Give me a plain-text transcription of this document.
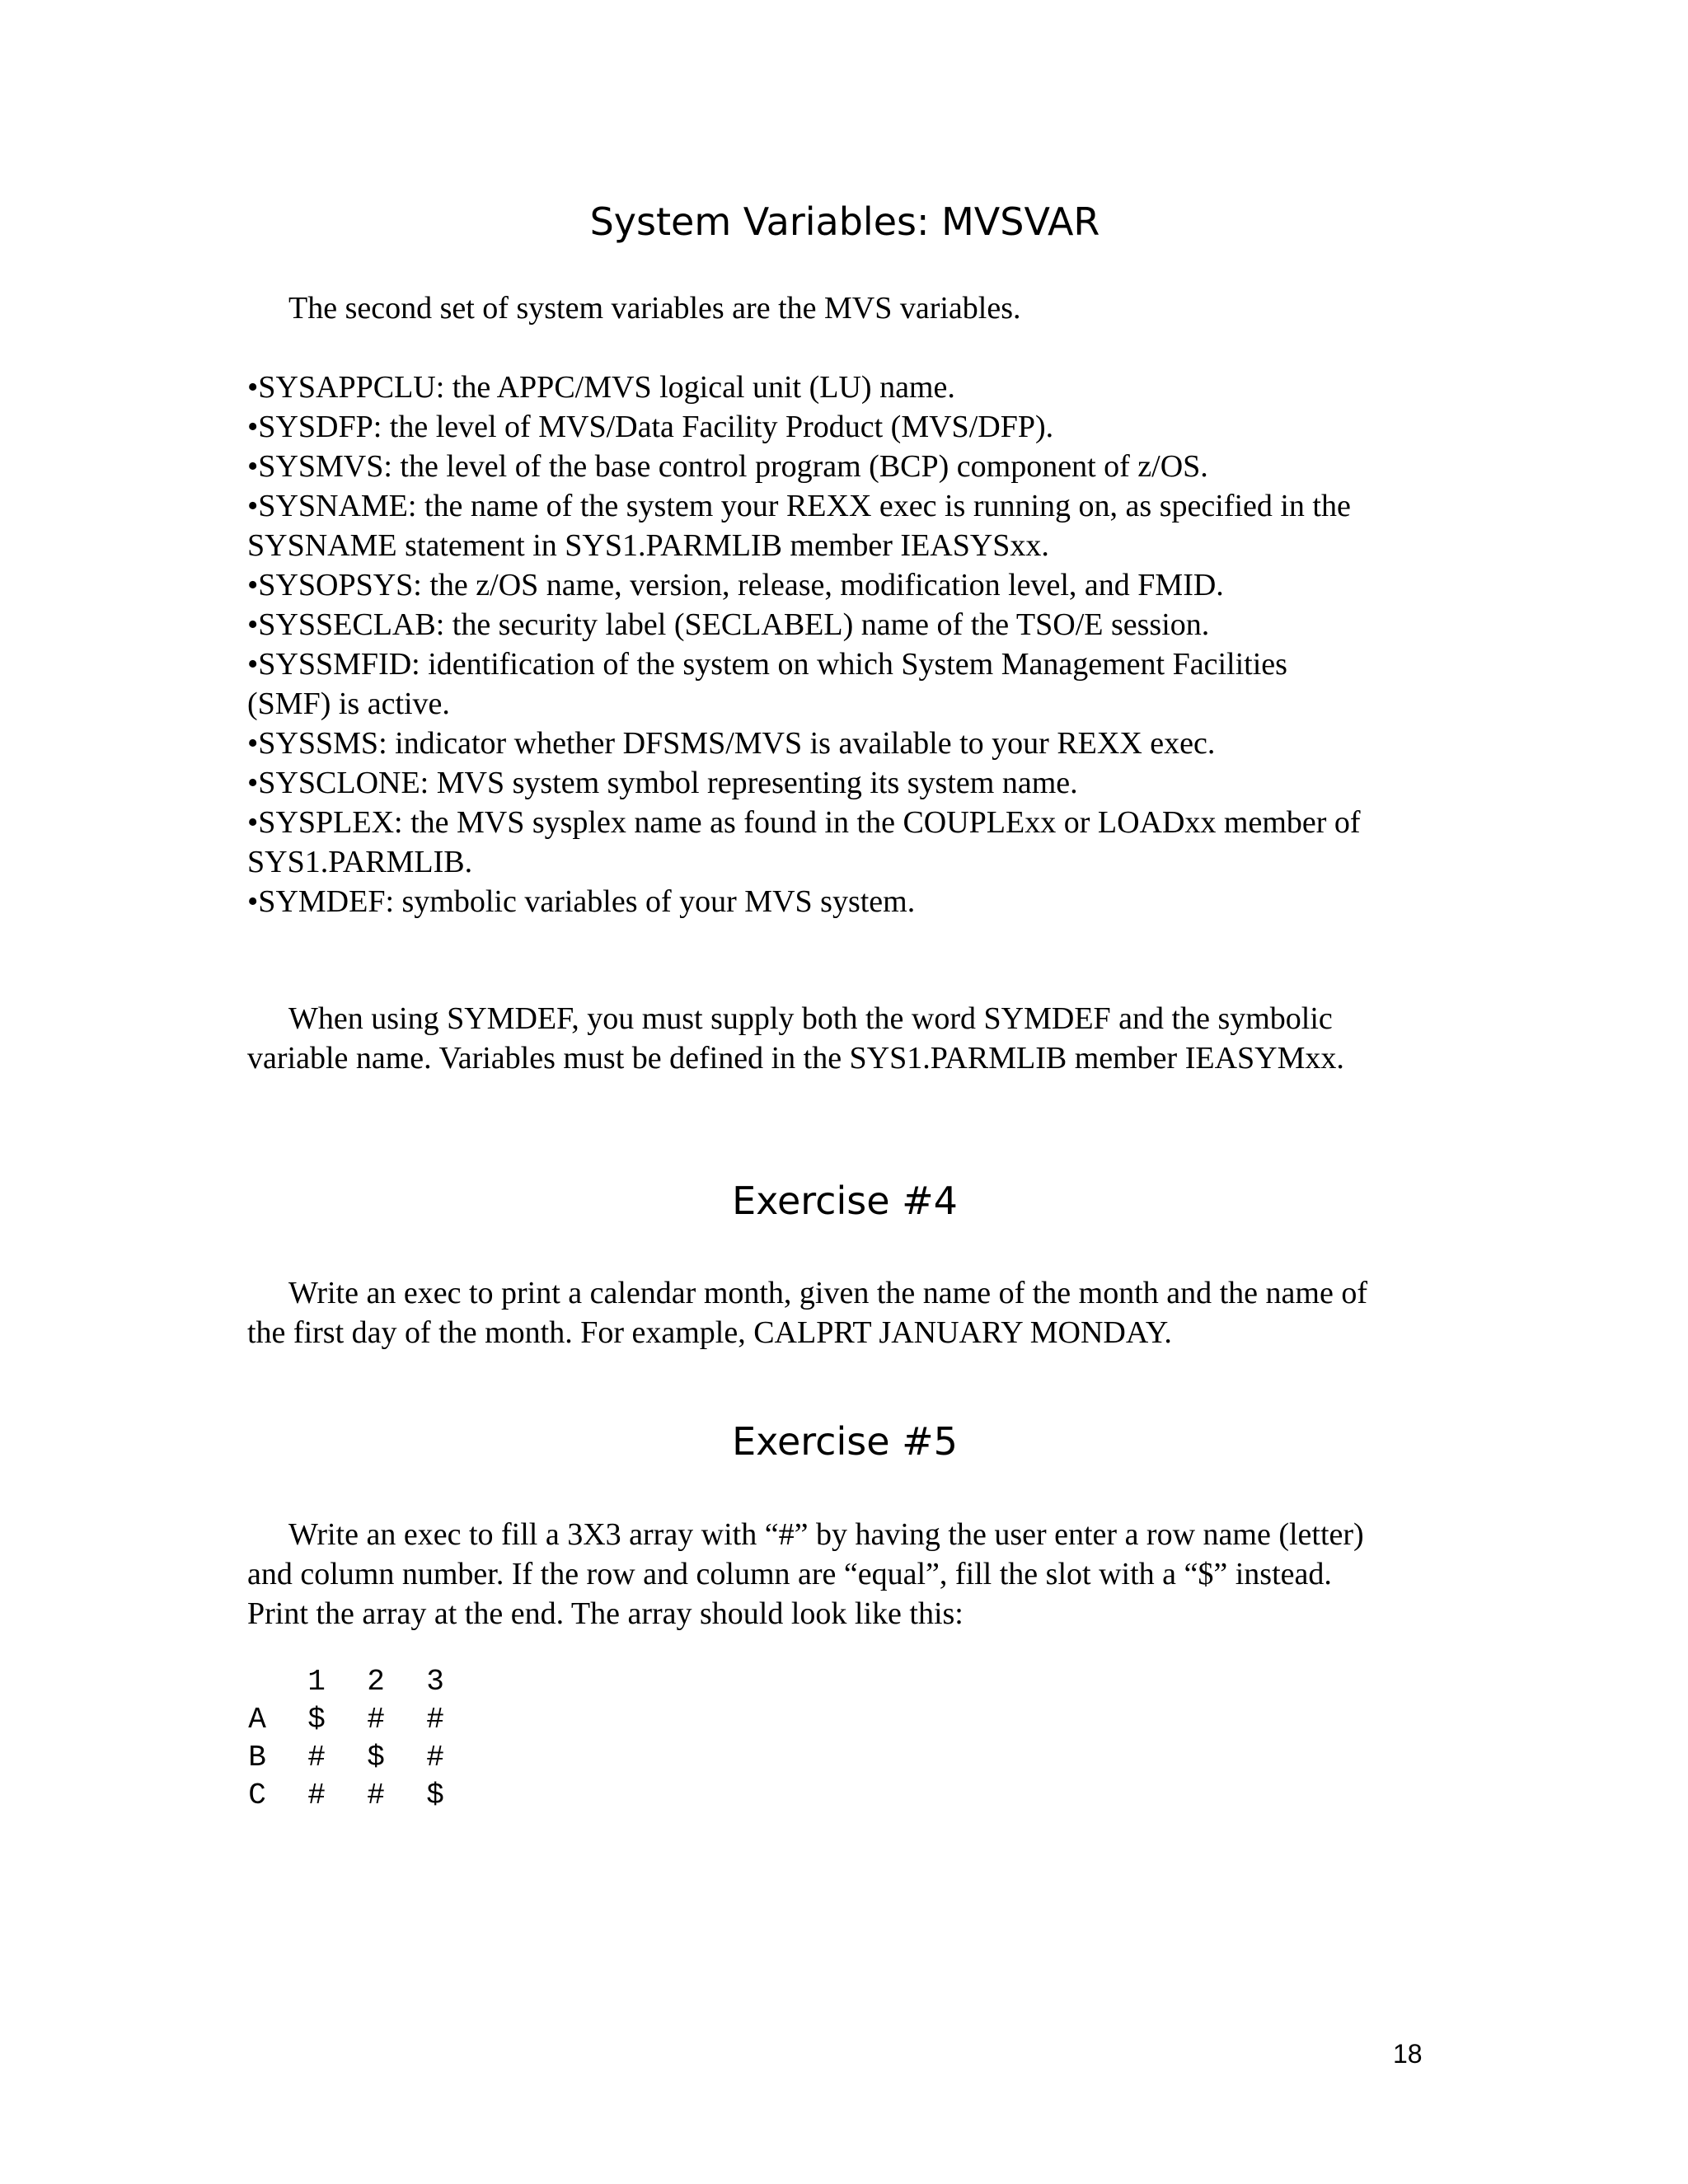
System Variables: MVSVAR

The second set of system variables are the MVS variables.

•SYSAPPCLU: the APPC/MVS logical unit (LU) name.
•SYSDFP: the level of MVS/Data Facility Product (MVS/DFP).
•SYSMVS: the level of the base control program (BCP) component of z/OS.
•SYSNAME: the name of the system your REXX exec is running on, as specified in the
SYSNAME statement in SYS1.PARMLIB member IEASYSxx.
•SYSOPSYS: the z/OS name, version, release, modification level, and FMID.
•SYSSECLAB: the security label (SECLABEL) name of the TSO/E session.
•SYSSMFID: identification of the system on which System Management Facilities
(SMF) is active.
•SYSSMS: indicator whether DFSMS/MVS is available to your REXX exec.
•SYSCLONE: MVS system symbol representing its system name.
•SYSPLEX: the MVS sysplex name as found in the COUPLExx or LOADxx member of
SYS1.PARMLIB.
•SYMDEF: symbolic variables of your MVS system.

When using SYMDEF, you must supply both the word SYMDEF and the symbolic
variable name. Variables must be defined in the SYS1.PARMLIB member IEASYMxx.

Exercise #4

Write an exec to print a calendar month, given the name of the month and the name of
the first day of the month. For example, CALPRT JANUARY MONDAY.

Exercise #5

Write an exec to fill a 3X3 array with “#” by having the user enter a row name (letter)
and column number. If the row and column are “equal”, fill the slot with a “$” instead.
Print the array at the end. The array should look like this:

1 2 3
A $ # #
B # $ #
C # # $
18
